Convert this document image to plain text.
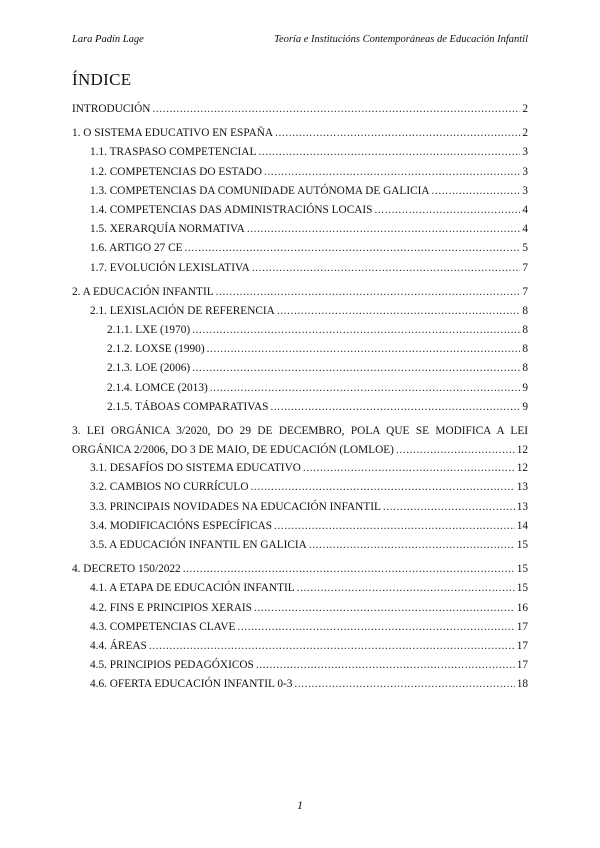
Lara Padín Lage	Teoría e Institucións Contemporáneas de Educación Infantil
ÍNDICE
INTRODUCIÓN .....	2
1. O SISTEMA EDUCATIVO EN ESPAÑA .....	2
1.1. TRASPASO COMPETENCIAL .....	3
1.2. COMPETENCIAS DO ESTADO .....	3
1.3. COMPETENCIAS DA COMUNIDADE AUTÓNOMA DE GALICIA .....	3
1.4. COMPETENCIAS DAS ADMINISTRACIÓNS LOCAIS .....	4
1.5. XERARQUÍA NORMATIVA .....	4
1.6. ARTIGO 27 CE .....	5
1.7. EVOLUCIÓN LEXISLATIVA .....	7
2. A EDUCACIÓN INFANTIL .....	7
2.1. LEXISLACIÓN DE REFERENCIA .....	8
2.1.1. LXE (1970) .....	8
2.1.2. LOXSE (1990) .....	8
2.1.3. LOE (2006) .....	8
2.1.4. LOMCE (2013) .....	9
2.1.5. TÁBOAS COMPARATIVAS .....	9
3. LEI ORGÁNICA 3/2020, DO 29 DE DECEMBRO, POLA QUE SE MODIFICA A LEI
ORGÁNICA 2/2006, DO 3 DE MAIO, DE EDUCACIÓN (LOMLOE) .....	12
3.1. DESAFÍOS DO SISTEMA EDUCATIVO .....	12
3.2. CAMBIOS NO CURRÍCULO .....	13
3.3. PRINCIPAIS NOVIDADES NA EDUCACIÓN INFANTIL .....	13
3.4. MODIFICACIÓNS ESPECÍFICAS .....	14
3.5. A EDUCACIÓN INFANTIL EN GALICIA .....	15
4. DECRETO 150/2022 .....	15
4.1. A ETAPA DE EDUCACIÓN INFANTIL .....	15
4.2. FINS E PRINCIPIOS XERAIS .....	16
4.3. COMPETENCIAS CLAVE .....	17
4.4. ÁREAS .....	17
4.5. PRINCIPIOS PEDAGÓXICOS .....	17
4.6. OFERTA EDUCACIÓN INFANTIL 0-3 .....	18
1
